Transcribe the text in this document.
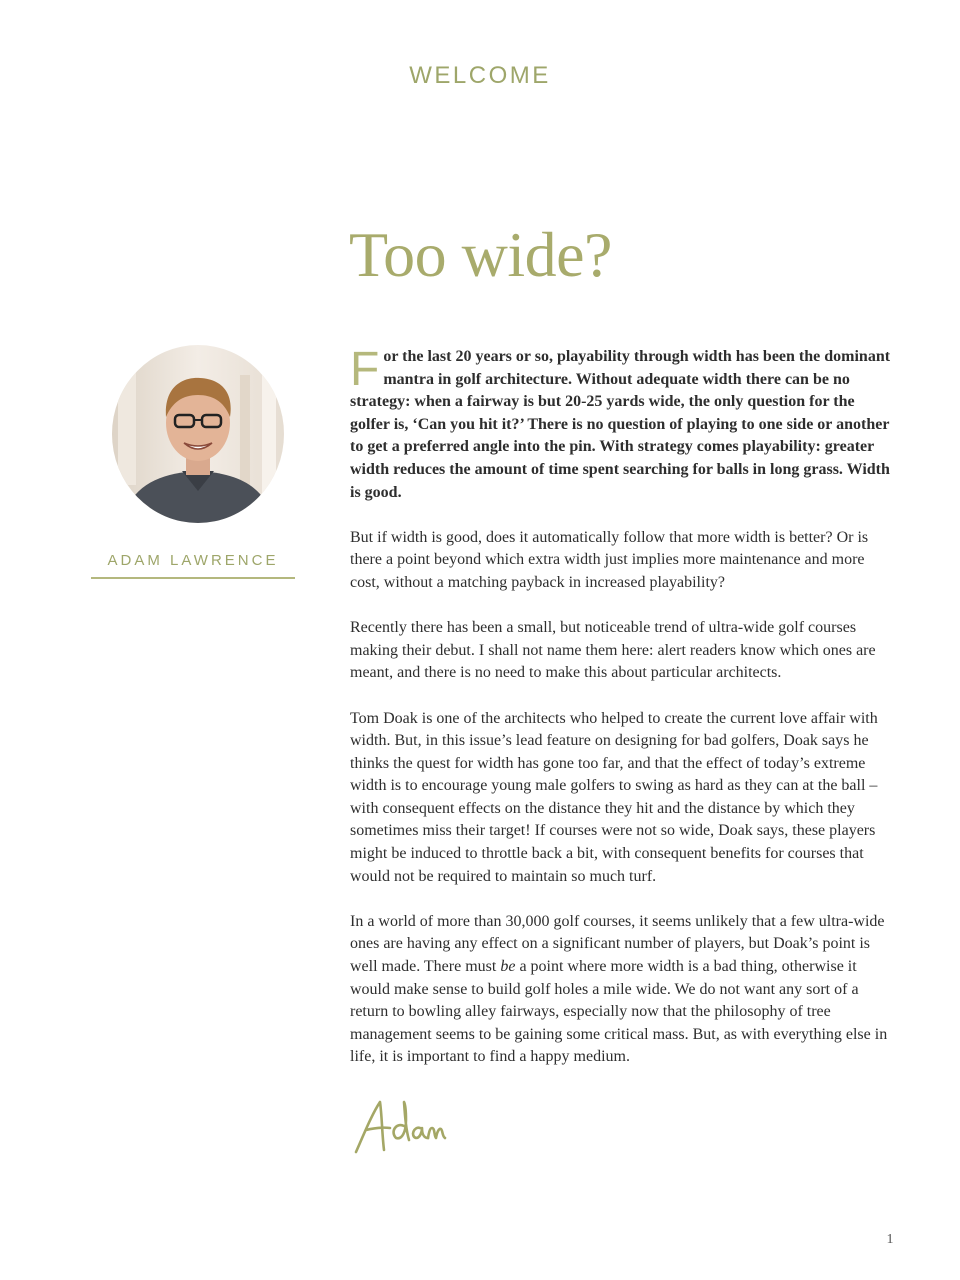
WELCOME
Too wide?
ADAM LAWRENCE

For the last 20 years or so, playability through width has been the dominant mantra in golf architecture. Without adequate width there can be no strategy: when a fairway is but 20-25 yards wide, the only question for the golfer is, ‘Can you hit it?’ There is no question of playing to one side or another to get a preferred angle into the pin. With strategy comes playability: greater width reduces the amount of time spent searching for balls in long grass. Width is good.

But if width is good, does it automatically follow that more width is better? Or is there a point beyond which extra width just implies more maintenance and more cost, without a matching payback in increased playability?

Recently there has been a small, but noticeable trend of ultra-wide golf courses making their debut. I shall not name them here: alert readers know which ones are meant, and there is no need to make this about particular architects.

Tom Doak is one of the architects who helped to create the current love affair with width. But, in this issue’s lead feature on designing for bad golfers, Doak says he thinks the quest for width has gone too far, and that the effect of today’s extreme width is to encourage young male golfers to swing as hard as they can at the ball – with consequent effects on the distance they hit and the distance by which they sometimes miss their target! If courses were not so wide, Doak says, these players might be induced to throttle back a bit, with consequent benefits for courses that would not be required to maintain so much turf.

In a world of more than 30,000 golf courses, it seems unlikely that a few ultra-wide ones are having any effect on a significant number of players, but Doak’s point is well made. There must be a point where more width is a bad thing, otherwise it would make sense to build golf holes a mile wide. We do not want any sort of a return to bowling alley fairways, especially now that the philosophy of tree management seems to be gaining some critical mass. But, as with everything else in life, it is important to find a happy medium.

1
